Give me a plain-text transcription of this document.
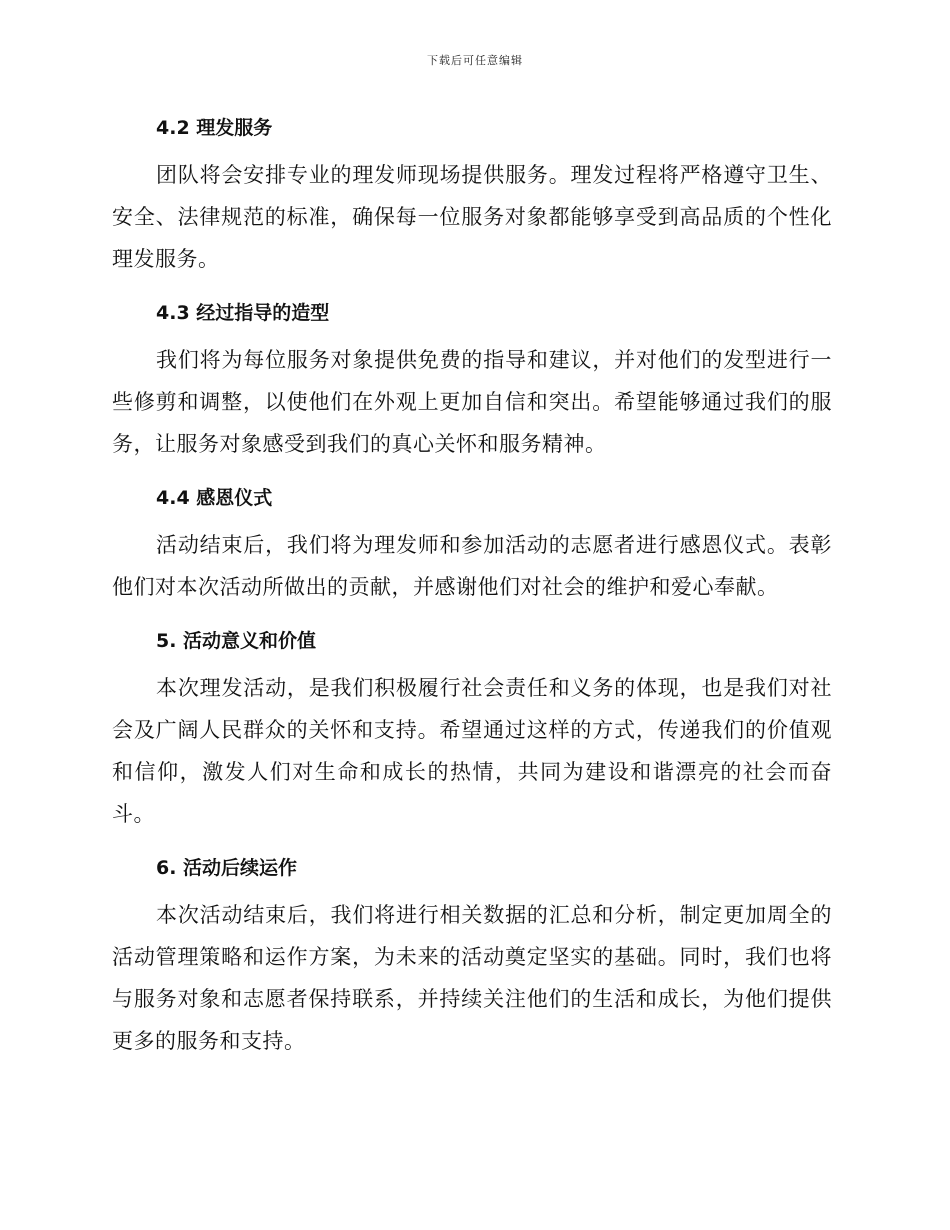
下载后可任意编辑
4.2 理发服务

团队将会安排专业的理发师现场提供服务。理发过程将严格遵守卫生、安全、法律规范的标准，确保每一位服务对象都能够享受到高品质的个性化理发服务。

4.3 经过指导的造型

我们将为每位服务对象提供免费的指导和建议，并对他们的发型进行一些修剪和调整，以使他们在外观上更加自信和突出。希望能够通过我们的服务，让服务对象感受到我们的真心关怀和服务精神。

4.4 感恩仪式

活动结束后，我们将为理发师和参加活动的志愿者进行感恩仪式。表彰他们对本次活动所做出的贡献，并感谢他们对社会的维护和爱心奉献。

5. 活动意义和价值

本次理发活动，是我们积极履行社会责任和义务的体现，也是我们对社会及广阔人民群众的关怀和支持。希望通过这样的方式，传递我们的价值观和信仰，激发人们对生命和成长的热情，共同为建设和谐漂亮的社会而奋斗。

6. 活动后续运作

本次活动结束后，我们将进行相关数据的汇总和分析，制定更加周全的活动管理策略和运作方案，为未来的活动奠定坚实的基础。同时，我们也将与服务对象和志愿者保持联系，并持续关注他们的生活和成长，为他们提供更多的服务和支持。
